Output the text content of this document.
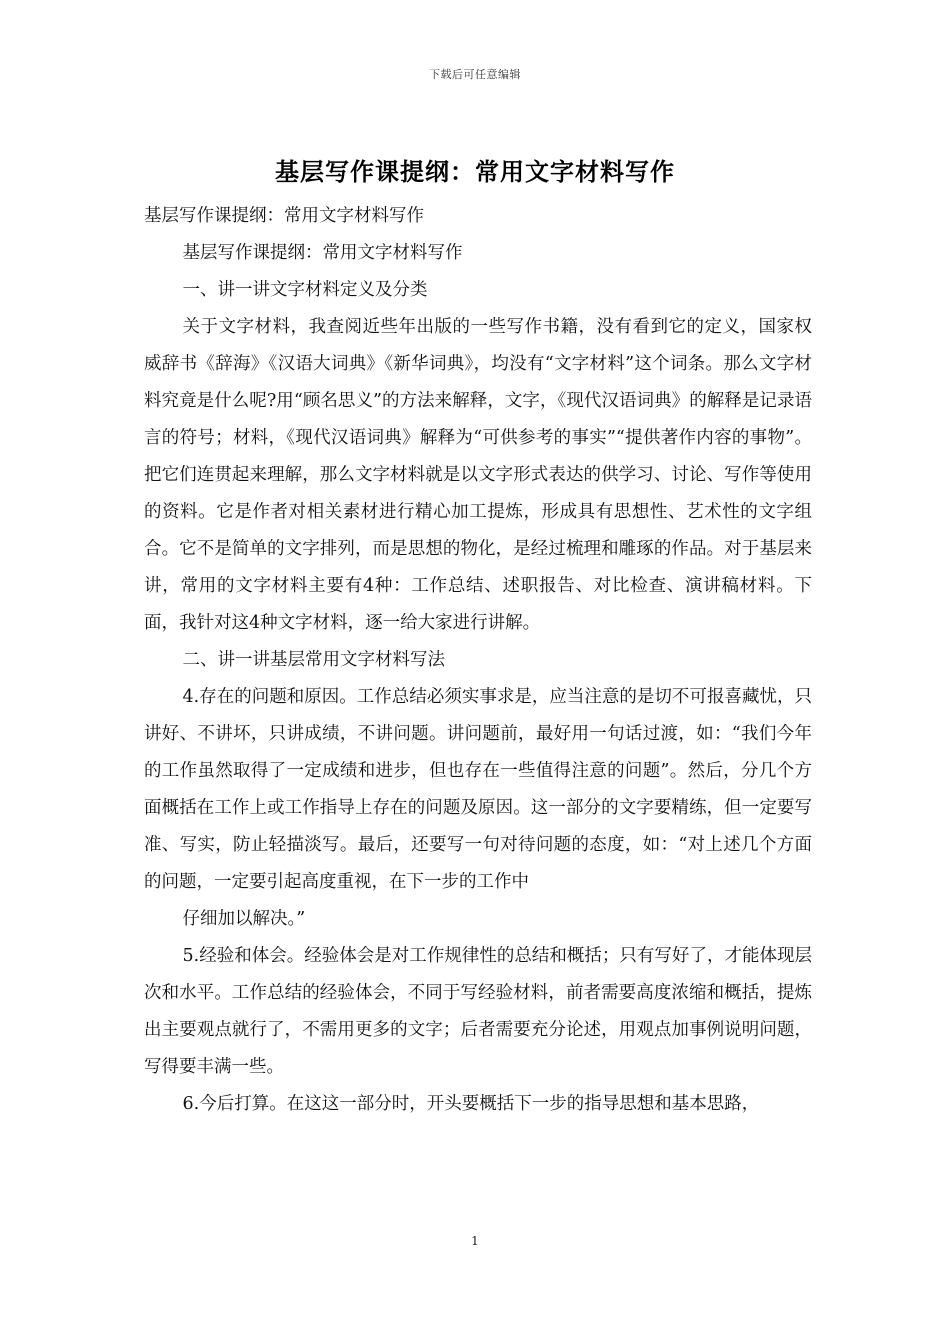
下载后可任意编辑
基层写作课提纲：常用文字材料写作

基层写作课提纲：常用文字材料写作

基层写作课提纲：常用文字材料写作

一、讲一讲文字材料定义及分类

关于文字材料，我查阅近些年出版的一些写作书籍，没有看到它的定义，国家权威辞书《辞海》《汉语大词典》《新华词典》，均没有“文字材料”这个词条。那么文字材料究竟是什么呢?用“顾名思义”的方法来解释，文字，《现代汉语词典》的解释是记录语言的符号；材料，《现代汉语词典》解释为“可供参考的事实”“提供著作内容的事物”。把它们连贯起来理解，那么文字材料就是以文字形式表达的供学习、讨论、写作等使用的资料。它是作者对相关素材进行精心加工提炼，形成具有思想性、艺术性的文字组合。它不是简单的文字排列，而是思想的物化，是经过梳理和雕琢的作品。对于基层来讲，常用的文字材料主要有4种：工作总结、述职报告、对比检查、演讲稿材料。下面，我针对这4种文字材料，逐一给大家进行讲解。

二、讲一讲基层常用文字材料写法

4.存在的问题和原因。工作总结必须实事求是，应当注意的是切不可报喜藏忧，只讲好、不讲坏，只讲成绩，不讲问题。讲问题前，最好用一句话过渡，如：“我们今年的工作虽然取得了一定成绩和进步，但也存在一些值得注意的问题”。然后，分几个方面概括在工作上或工作指导上存在的问题及原因。这一部分的文字要精练，但一定要写准、写实，防止轻描淡写。最后，还要写一句对待问题的态度，如：“对上述几个方面的问题，一定要引起高度重视，在下一步的工作中

仔细加以解决。”

5.经验和体会。经验体会是对工作规律性的总结和概括；只有写好了，才能体现层次和水平。工作总结的经验体会，不同于写经验材料，前者需要高度浓缩和概括，提炼出主要观点就行了，不需用更多的文字；后者需要充分论述，用观点加事例说明问题，写得要丰满一些。

6.今后打算。在这这一部分时，开头要概括下一步的指导思想和基本思路，

1
